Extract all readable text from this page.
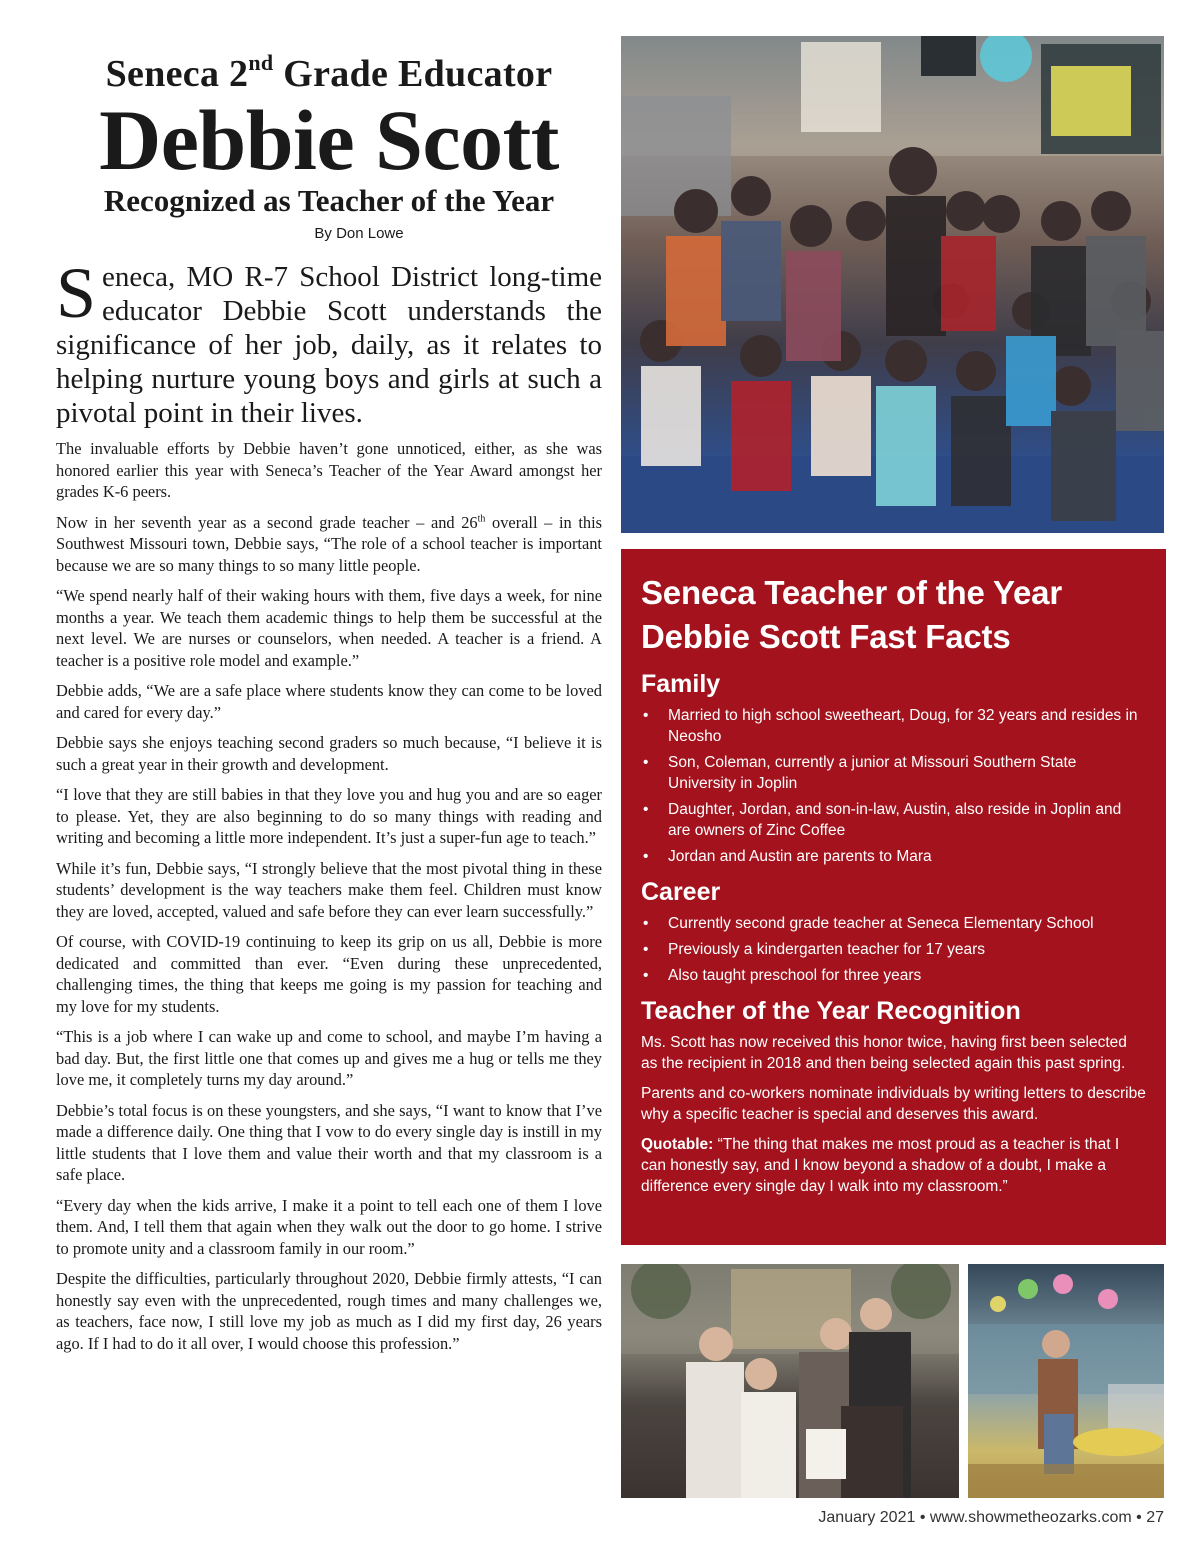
Seneca 2nd Grade Educator
Debbie Scott
Recognized as Teacher of the Year
By Don Lowe

Seneca, MO R-7 School District long-time educator Debbie Scott understands the significance of her job, daily, as it relates to helping nurture young boys and girls at such a pivotal point in their lives.

The invaluable efforts by Debbie haven’t gone unnoticed, either, as she was honored earlier this year with Seneca’s Teacher of the Year Award amongst her grades K-6 peers.

Now in her seventh year as a second grade teacher – and 26th overall – in this Southwest Missouri town, Debbie says, “The role of a school teacher is important because we are so many things to so many little people.

“We spend nearly half of their waking hours with them, five days a week, for nine months a year. We teach them academic things to help them be successful at the next level. We are nurses or counselors, when needed. A teacher is a friend. A teacher is a positive role model and example.”

Debbie adds, “We are a safe place where students know they can come to be loved and cared for every day.”

Debbie says she enjoys teaching second graders so much because, “I believe it is such a great year in their growth and development.

“I love that they are still babies in that they love you and hug you and are so eager to please. Yet, they are also beginning to do so many things with reading and writing and becoming a little more independent. It’s just a super-fun age to teach.”

While it’s fun, Debbie says, “I strongly believe that the most pivotal thing in these students’ development is the way teachers make them feel. Children must know they are loved, accepted, valued and safe before they can ever learn successfully.”

Of course, with COVID-19 continuing to keep its grip on us all, Debbie is more dedicated and committed than ever. “Even during these unprecedented, challenging times, the thing that keeps me going is my passion for teaching and my love for my students.

“This is a job where I can wake up and come to school, and maybe I’m having a bad day. But, the first little one that comes up and gives me a hug or tells me they love me, it completely turns my day around.”

Debbie’s total focus is on these youngsters, and she says, “I want to know that I’ve made a difference daily. One thing that I vow to do every single day is instill in my little students that I love them and value their worth and that my classroom is a safe place.

“Every day when the kids arrive, I make it a point to tell each one of them I love them. And, I tell them that again when they walk out the door to go home. I strive to promote unity and a classroom family in our room.”

Despite the difficulties, particularly throughout 2020, Debbie firmly attests, “I can honestly say even with the unprecedented, rough times and many challenges we, as teachers, face now, I still love my job as much as I did my first day, 26 years ago. If I had to do it all over, I would choose this profession.”

Seneca Teacher of the Year
Debbie Scott Fast Facts
Family
• Married to high school sweetheart, Doug, for 32 years and resides in Neosho
• Son, Coleman, currently a junior at Missouri Southern State University in Joplin
• Daughter, Jordan, and son-in-law, Austin, also reside in Joplin and are owners of Zinc Coffee
• Jordan and Austin are parents to Mara
Career
• Currently second grade teacher at Seneca Elementary School
• Previously a kindergarten teacher for 17 years
• Also taught preschool for three years
Teacher of the Year Recognition

Ms. Scott has now received this honor twice, having first been selected as the recipient in 2018 and then being selected again this past spring.

Parents and co-workers nominate individuals by writing letters to describe why a specific teacher is special and deserves this award.

Quotable: “The thing that makes me most proud as a teacher is that I can honestly say, and I know beyond a shadow of a doubt, I make a difference every single day I walk into my classroom.”

January 2021 • www.showmetheozarks.com • 27
